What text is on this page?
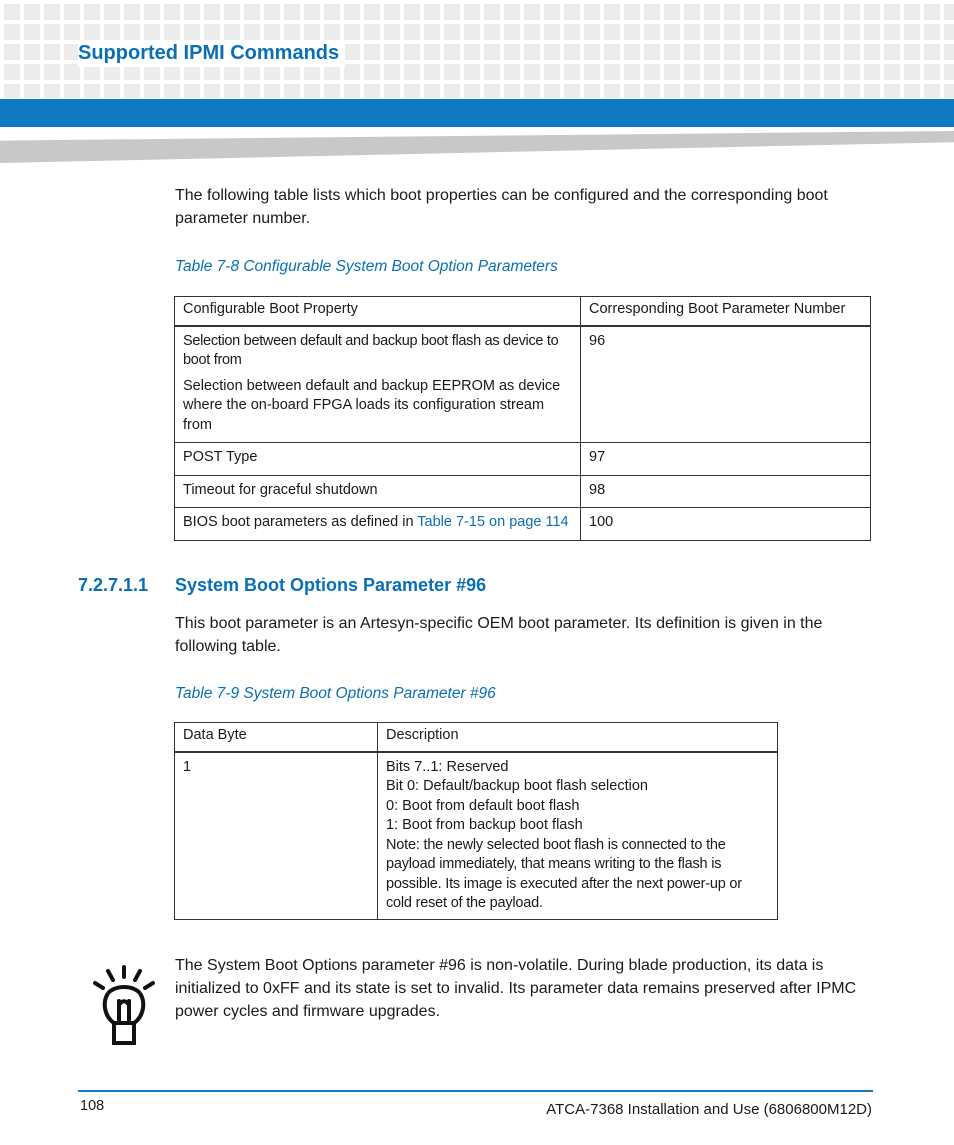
Supported IPMI Commands
The following table lists which boot properties can be configured and the corresponding boot parameter number.
Table 7-8 Configurable System Boot Option Parameters
Configurable Boot Property	Corresponding Boot Parameter Number

Selection between default and backup boot flash as device to boot from

Selection between default and backup EEPROM as device where the on-board FPGA loads its configuration stream from	96
POST Type	97
Timeout for graceful shutdown	98
BIOS boot parameters as defined in Table 7-15 on page 114	100
7.2.7.1.1 System Boot Options Parameter #96
This boot parameter is an Artesyn-specific OEM boot parameter. Its definition is given in the following table.
Table 7-9 System Boot Options Parameter #96
Data Byte	Description
1	Bits 7..1: Reserved
Bit 0: Default/backup boot flash selection
0: Boot from default boot flash
1: Boot from backup boot flash
Note: the newly selected boot flash is connected to the payload immediately, that means writing to the flash is possible. Its image is executed after the next power-up or cold reset of the payload.
The System Boot Options parameter #96 is non-volatile. During blade production, its data is initialized to 0xFF and its state is set to invalid. Its parameter data remains preserved after IPMC power cycles and firmware upgrades.
108	ATCA-7368 Installation and Use (6806800M12D)
